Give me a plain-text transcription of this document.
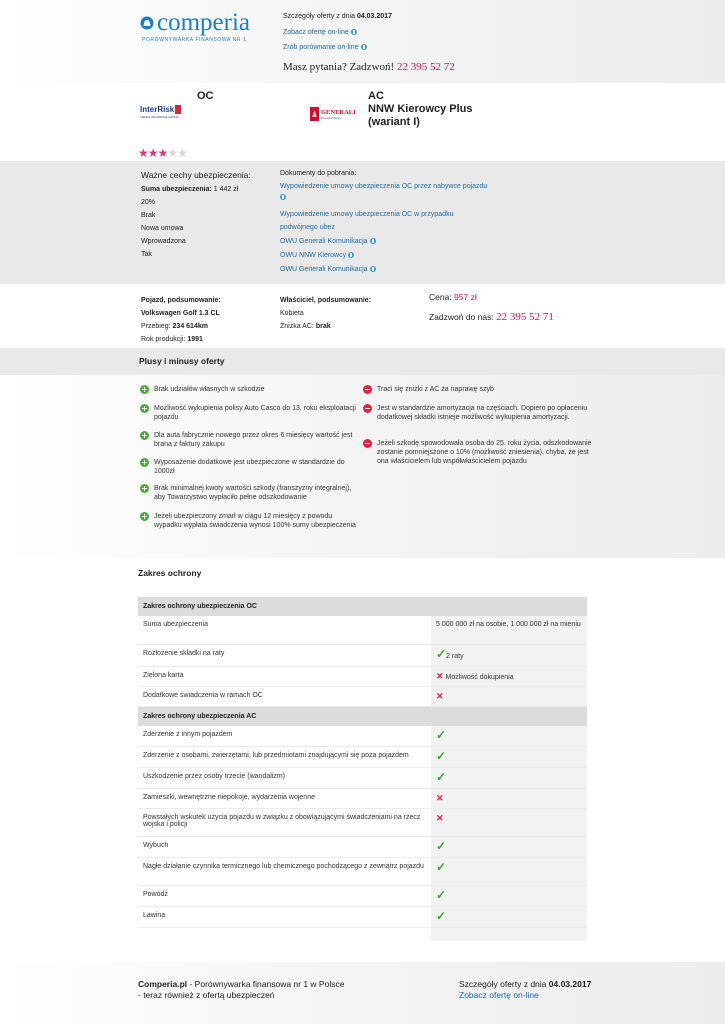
comperia
PORÓWNYWARKA FINANSOWA NR 1
Szczegóły oferty z dnia 04.03.2017
Zobacz ofertę on-line
Zrób porównanie on-line
Masz pytania? Zadzwoń! 22 395 52 72
InterRisk
VIENNA INSURANCE GROUP
OC
GENERALI
Ubezpieczenia
AC
NNW Kierowcy Plus
(wariant I)
★★★★★
Ważne cechy ubezpieczenia:
Suma ubezpieczenia: 1 442 zł
20%
Brak
Nowa umowa
Wprowadzona
Tak
Dokumenty do pobrania:
Wypowiedzenie umowy ubezpieczenia OC przez nabywce pojazdu
Wypowiedzenie umowy ubezpieczenia OC w przypadku podwójnego ubez
OWU Generali Komunikacja
OWU NNW Kierowcy
OWU Generali Komunikacja
Pojazd, podsumowanie:
Volkswagen Golf 1.3 CL
Przebieg: 234 614km
Rok produkcji: 1991
Właściciel, podsumowanie:
Kobieta
Zniżka AC: brak
Cena: 957 zł
Zadzwoń do nas: 22 395 52 71
Plusy i minusy oferty
Brak udziałów własnych w szkodzie
Możliwość wykupienia polisy Auto Casco do 13. roku eksploatacji pojazdu
Dla auta fabrycznie nowego przez okres 6 miesięcy wartość jest brana z faktury zakupu
Wyposażenie dodatkowe jest ubezpieczone w standardzie do 1000zł
Brak minimalnej kwoty wartości szkody (franszyzny integralnej), aby Towarzystwo wypłaciło pełne odszkodowanie
Jeżeli ubezpieczony zmarł w ciągu 12 miesięcy z powodu wypadku wypłata świadczenia wynosi 100% sumy ubezpieczenia
Traci się zniżki z AC za naprawę szyb
Jest w standardzie amortyzacja na częściach. Dopiero po opłaceniu dodatkowej składki istnieje możliwość wykupienia amortyzacji.
Jeżeli szkodę spowodowała osoba do 25. roku życia, odszkodowanie zostanie pomniejszone o 10% (możliwość zniesienia), chyba, że jest ona właścicielem lub współwłaścicielem pojazdu
Zakres ochrony
Zakres ochrony ubezpieczenia OC	
Suma ubezpieczenia	5 000 000 zł na osobie, 1 000 000 zł na mieniu
Rozłożenie składki na raty	✓2 raty
Zielona karta	✕ Możliwość dokupienia
Dodatkowe świadczenia w ramach OC	✕
Zakres ochrony ubezpieczenia AC	
Zderzenie z innym pojazdem	✓
Zderzenie z osobami, zwierzętami, lub przedmiotami znajdującymi się poza pojazdem	✓
Uszkodzenie przez osoby trzecie (wandalizm)	✓
Zamieszki, wewnętrzne niepokoje, wydarzenia wojenne	✕
Powstałych wskutek użycia pojazdu w związku z obowiązującymi świadczeniami na rzecz wojska i policji	✕
Wybuch	✓
Nagłe działanie czynnika termicznego lub chemicznego pochodzącego z zewnątrz pojazdu	✓
Powódź	✓
Lawina	✓

Comperia.pl - Porównywarka finansowa nr 1 w Polsce
- teraz również z ofertą ubezpieczeń
Szczegóły oferty z dnia 04.03.2017
Zobacz ofertę on-line
